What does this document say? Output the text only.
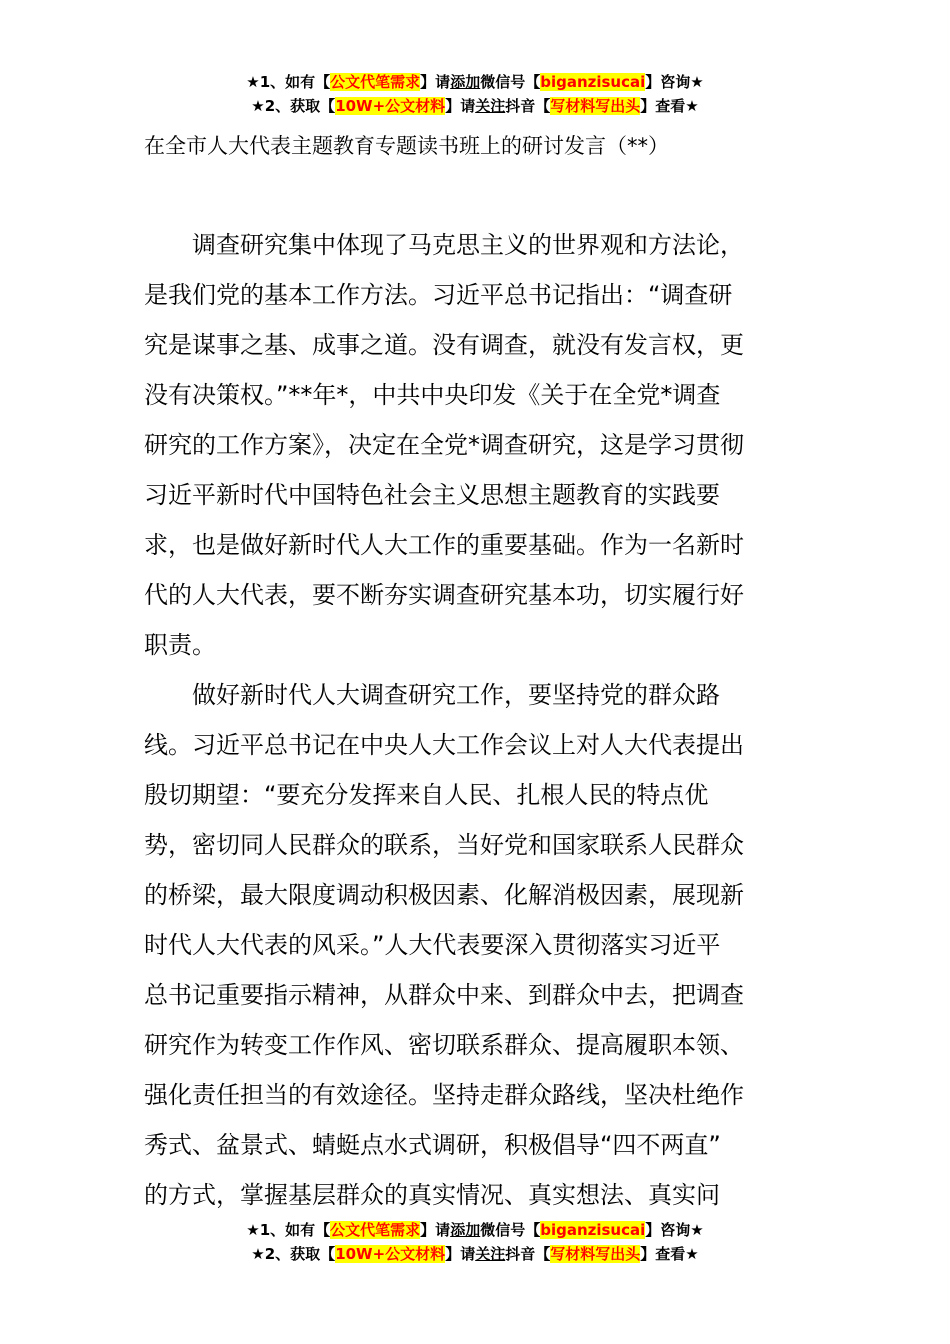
★1、如有【公文代笔需求】请添加微信号【biganzisucai】咨询★
★2、获取【10W+公文材料】请关注抖音【写材料写出头】查看★
在全市人大代表主题教育专题读书班上的研讨发言（**）
调查研究集中体现了马克思主义的世界观和方法论，
是我们党的基本工作方法。习近平总书记指出：“调查研
究是谋事之基、成事之道。没有调查，就没有发言权，更
没有决策权。”**年*，中共中央印发《关于在全党*调查
研究的工作方案》，决定在全党*调查研究，这是学习贯彻
习近平新时代中国特色社会主义思想主题教育的实践要
求，也是做好新时代人大工作的重要基础。作为一名新时
代的人大代表，要不断夯实调查研究基本功，切实履行好
职责。
做好新时代人大调查研究工作，要坚持党的群众路
线。习近平总书记在中央人大工作会议上对人大代表提出
殷切期望：“要充分发挥来自人民、扎根人民的特点优
势，密切同人民群众的联系，当好党和国家联系人民群众
的桥梁，最大限度调动积极因素、化解消极因素，展现新
时代人大代表的风采。”人大代表要深入贯彻落实习近平
总书记重要指示精神，从群众中来、到群众中去，把调查
研究作为转变工作作风、密切联系群众、提高履职本领、
强化责任担当的有效途径。坚持走群众路线，坚决杜绝作
秀式、盆景式、蜻蜓点水式调研，积极倡导“四不两直”
的方式，掌握基层群众的真实情况、真实想法、真实问
★1、如有【公文代笔需求】请添加微信号【biganzisucai】咨询★
★2、获取【10W+公文材料】请关注抖音【写材料写出头】查看★
